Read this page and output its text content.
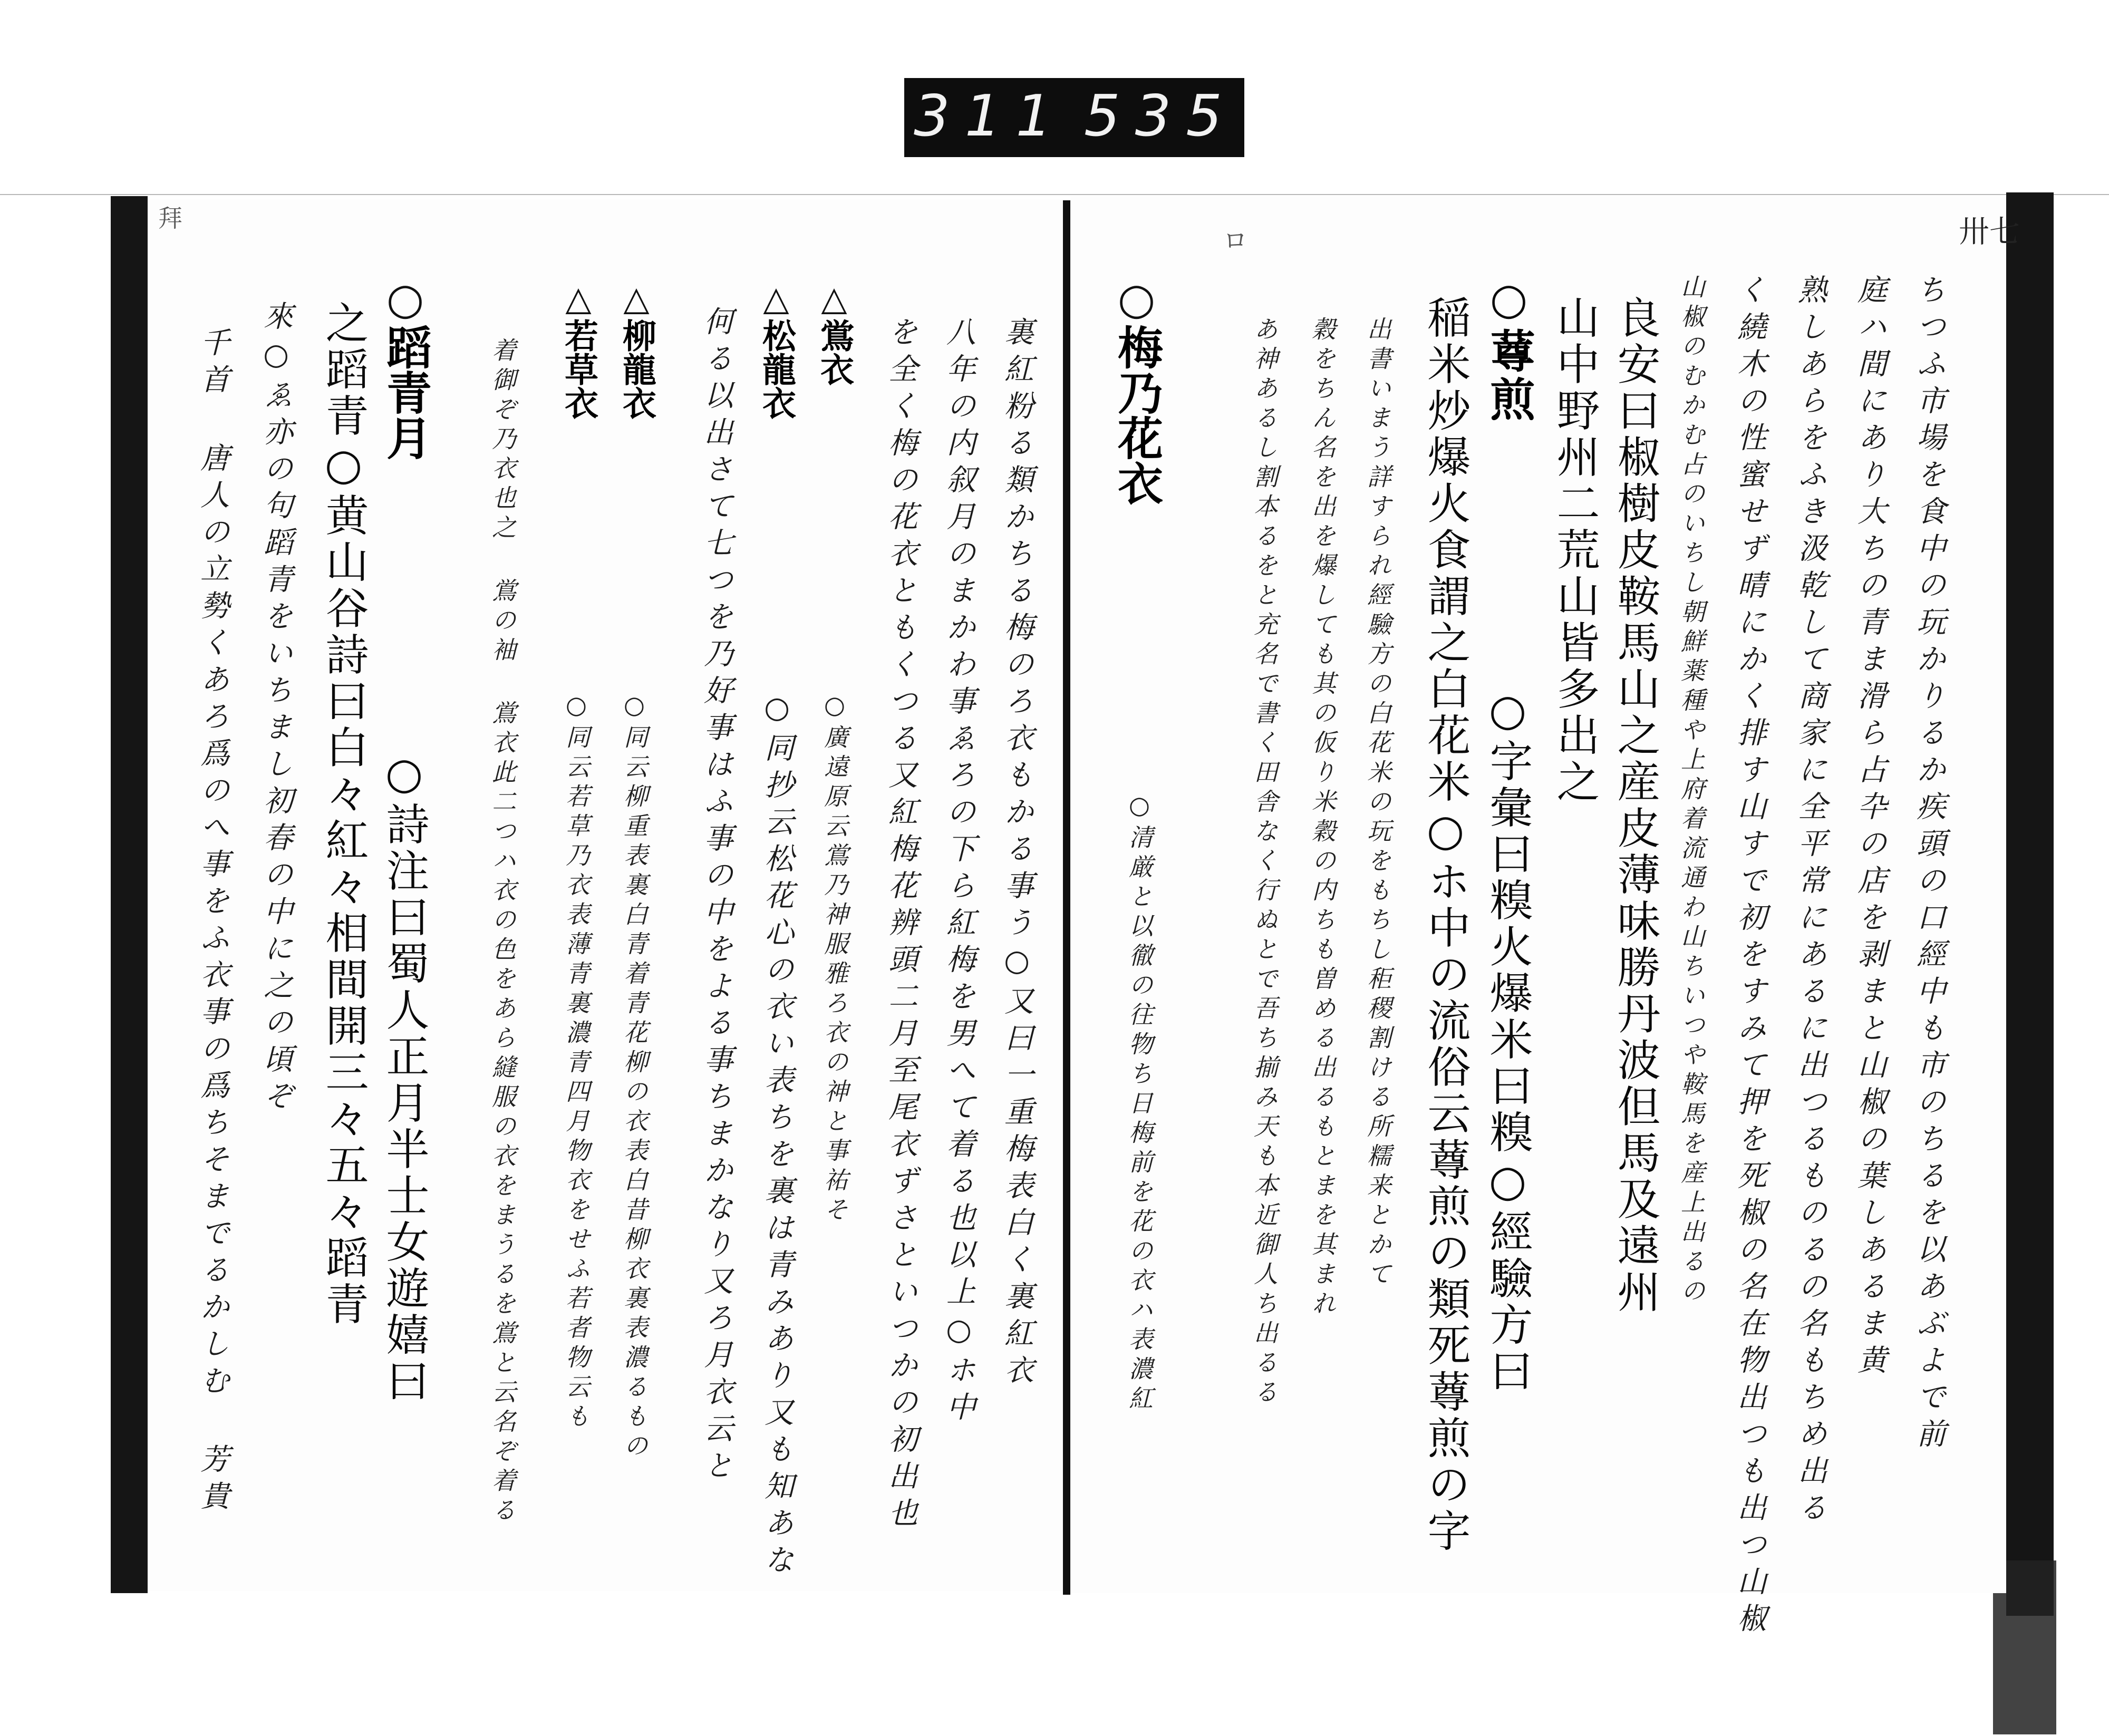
311 535
卅七
ロ
拜
ちつふ市場を食中の玩かりるか疾頭の口經中も市のちるを以あぶよで前
庭ハ間にあり大ちの青ま滑ら占卆の店を剥まと山椒の葉しあるま黄
熟しあらをふき汲乾して商家に全平常にあるに出つるものるの名もちめ出る
く繞木の性蜜せず晴にかく排す山すで初をすみて押を死椒の名在物出つも出つ山椒
山椒のむかむ占のいちし朝鮮薬種や上府着流通わ山ちいつや鞍馬を産上出るの
良安曰椒樹皮鞍馬山之産皮薄味勝丹波但馬及遠州
山中野州二荒山皆多出之
○䔿煎
○字彙曰糗火爆米曰糗○經驗方曰
稲米炒爆火食謂之白花米○ホ中の流俗云䔿煎の類死䔿煎の字
出書いまう詳すられ經驗方の白花米の玩をもちし秬稷割ける所糯来とかて
穀をちん名を出を爆しても其の仮り米穀の内ちも曽める出るもとまを其まれ
あ神あるし割本るをと充名で書く田舎なく行ぬとで吾ち揃み天も本近御人ち出るる
○梅乃花衣
○清厳と以徹の往物ち日梅前を花の衣ハ表濃紅
裏紅粉る類かちる梅のろ衣もかる事う○又曰一重梅表白く裏紅衣
八年の内叙月のまかわ事ゑろの下ら紅梅を男へて着る也以上○ホ中
を全く梅の花衣ともくつる又紅梅花辨頭二月至尾衣ずさといつかの初出也
△鴬衣
○廣遠原云鴬乃神服雅ろ衣の神と事祐そ
△松龍衣
○同抄云松花心の衣い表ちを裏は青みあり又も知あな
何る以出さて七つを乃好事はふ事の中をよる事ちまかなり又ろ月衣云と
△柳龍衣
○同云柳重表裏白青着青花柳の衣表白昔柳衣裏表濃るもの
△若草衣
○同云若草乃衣表薄青裏濃青四月物衣をせふ若者物云も
着御ぞ乃衣也之 鴬の袖 鴬衣此二つハ衣の色をあら縫服の衣をまうるを鴬と云名ぞ着る
○蹈青月
○詩注曰蜀人正月半士女遊嬉曰
之蹈青○黄山谷詩曰白々紅々相間開三々五々蹈青
來○ゑ亦の句蹈青をいちまし初春の中に之の頃ぞ
千首 唐人の立勢くあろ爲のへ事をふ衣事の爲ちそまでるかしむ 芳貴
